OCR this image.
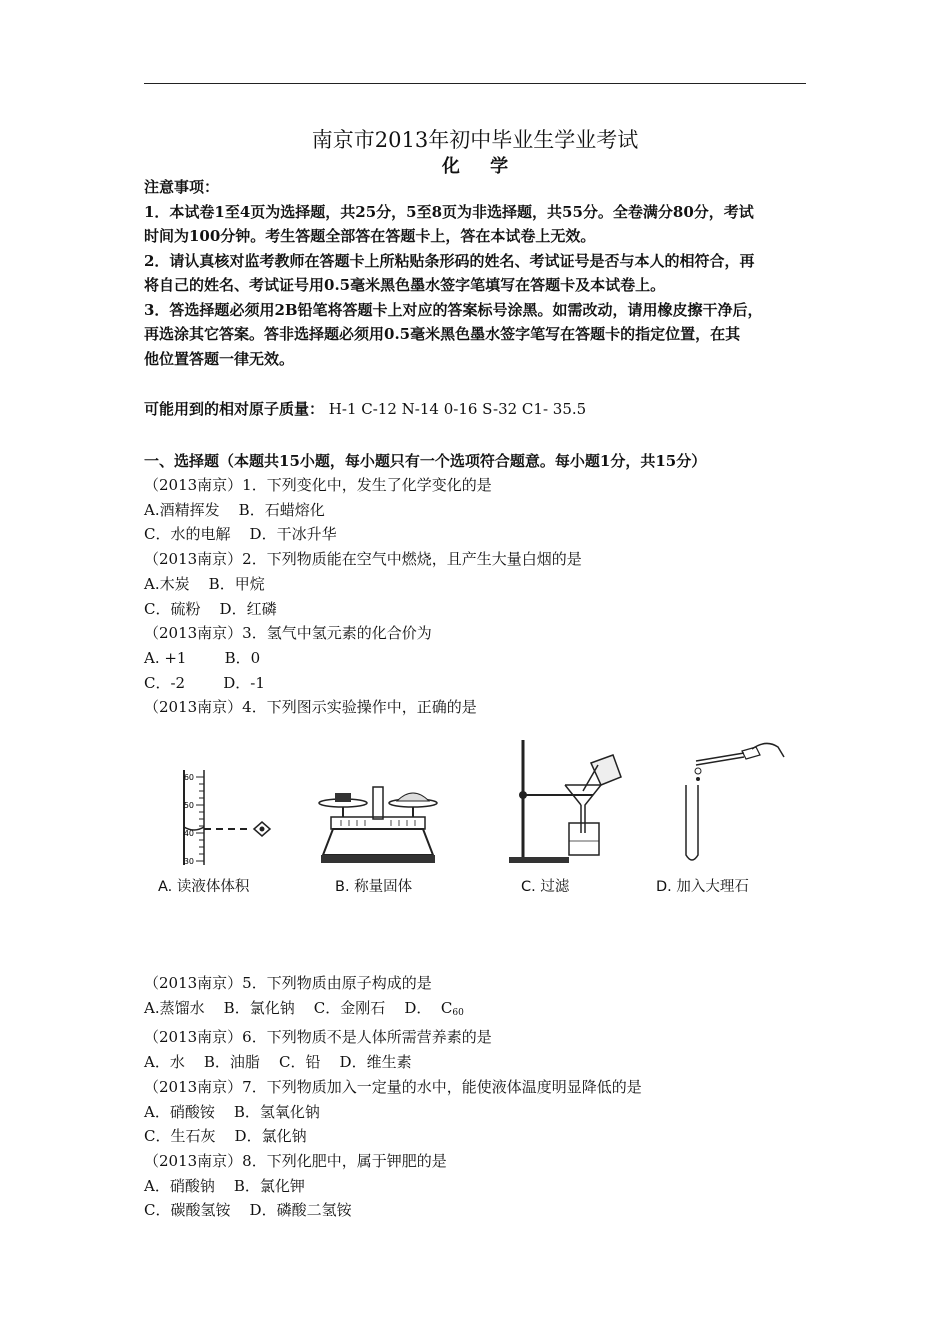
南京市2013年初中毕业生学业考试
化 学

注意事项：

1．本试卷1至4页为选择题，共25分，5至8页为非选择题，共55分。全卷满分80分，考试

时间为100分钟。考生答题全部答在答题卡上，答在本试卷上无效。

2．请认真核对监考教师在答题卡上所粘贴条形码的姓名、考试证号是否与本人的相符合，再

将自己的姓名、考试证号用0.5毫米黑色墨水签字笔填写在答题卡及本试卷上。

3．答选择题必须用2B铅笔将答题卡上对应的答案标号涂黑。如需改动，请用橡皮擦干净后，

再选涂其它答案。答非选择题必须用0.5毫米黑色墨水签字笔写在答题卡的指定位置，在其

他位置答题一律无效。

可能用到的相对原子质量： H-1 C-12 N-14 0-16 S-32 C1- 35.5
一、选择题（本题共15小题，每小题只有一个选项符合题意。每小题1分，共15分）

（2013南京）1．下列变化中，发生了化学变化的是

A.酒精挥发    B．石蜡熔化

C．水的电解    D．干冰升华

（2013南京）2．下列物质能在空气中燃烧，且产生大量白烟的是

A.木炭    B．甲烷

C．硫粉    D．红磷

（2013南京）3．氢气中氢元素的化合价为

A. +1        B．0

C．-2        D．-1

（2013南京）4．下列图示实验操作中，正确的是

60
50
40
30
A. 读液体体积	B. 称量固体	C. 过滤	D. 加入大理石

（2013南京）5．下列物质由原子构成的是

A.蒸馏水    B．氯化钠    C．金刚石    D．  $C_{60}$

（2013南京）6．下列物质不是人体所需营养素的是

A．水    B．油脂    C．铅    D．维生素

（2013南京）7．下列物质加入一定量的水中，能使液体温度明显降低的是

A．硝酸铵    B．氢氧化钠

C．生石灰    D．氯化钠

（2013南京）8．下列化肥中，属于钾肥的是

A．硝酸钠    B．氯化钾

C．碳酸氢铵    D．磷酸二氢铵
